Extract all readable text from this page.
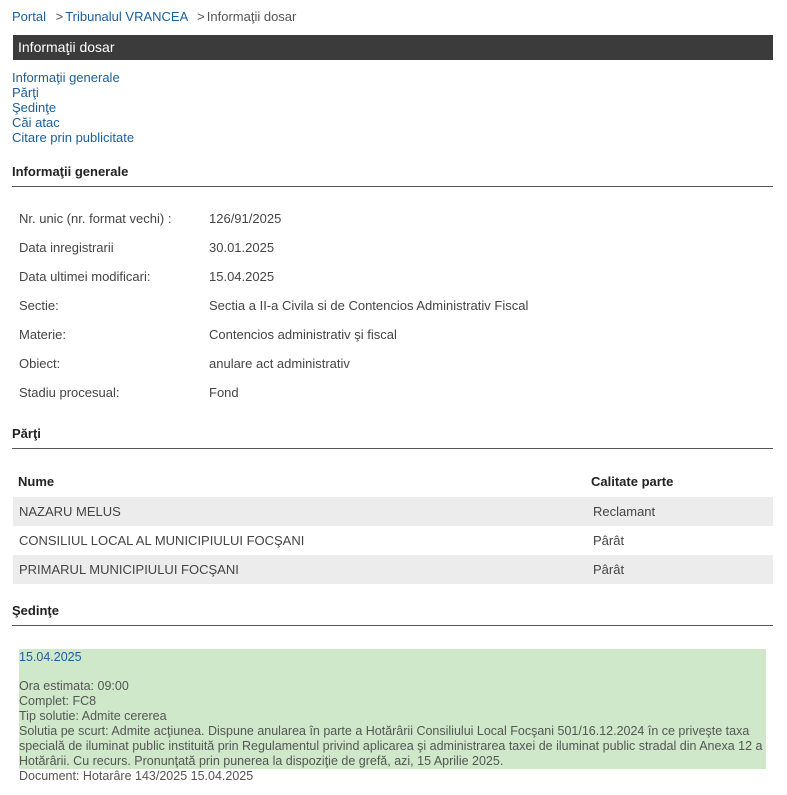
Portal > Tribunalul VRANCEA > Informaţii dosar
Informaţii dosar
Informaţii generale
Părţi
Şedinţe
Căi atac
Citare prin publicitate
Informaţii generale
Nr. unic (nr. format vechi) :	126/91/2025
Data inregistrarii	30.01.2025
Data ultimei modificari:	15.04.2025
Sectie:	Sectia a II-a Civila si de Contencios Administrativ Fiscal
Materie:	Contencios administrativ şi fiscal
Obiect:	anulare act administrativ
Stadiu procesual:	Fond
Părţi
Nume	Calitate parte
NAZARU MELUS	Reclamant
CONSILIUL LOCAL AL MUNICIPIULUI FOCŞANI	Pârât
PRIMARUL MUNICIPIULUI FOCŞANI	Pârât
Şedinţe
15.04.2025
Ora estimata: 09:00
Complet: FC8
Tip solutie: Admite cererea
Solutia pe scurt: Admite acţiunea. Dispune anularea în parte a Hotărârii Consiliului Local Focşani 501/16.12.2024 în ce priveşte taxa specială de iluminat public instituită prin Regulamentul privind aplicarea şi administrarea taxei de iluminat public stradal din Anexa 12 a Hotărârii. Cu recurs. Pronunţată prin punerea la dispoziţie de grefă, azi, 15 Aprilie 2025.
Document: Hotarâre 143/2025 15.04.2025
